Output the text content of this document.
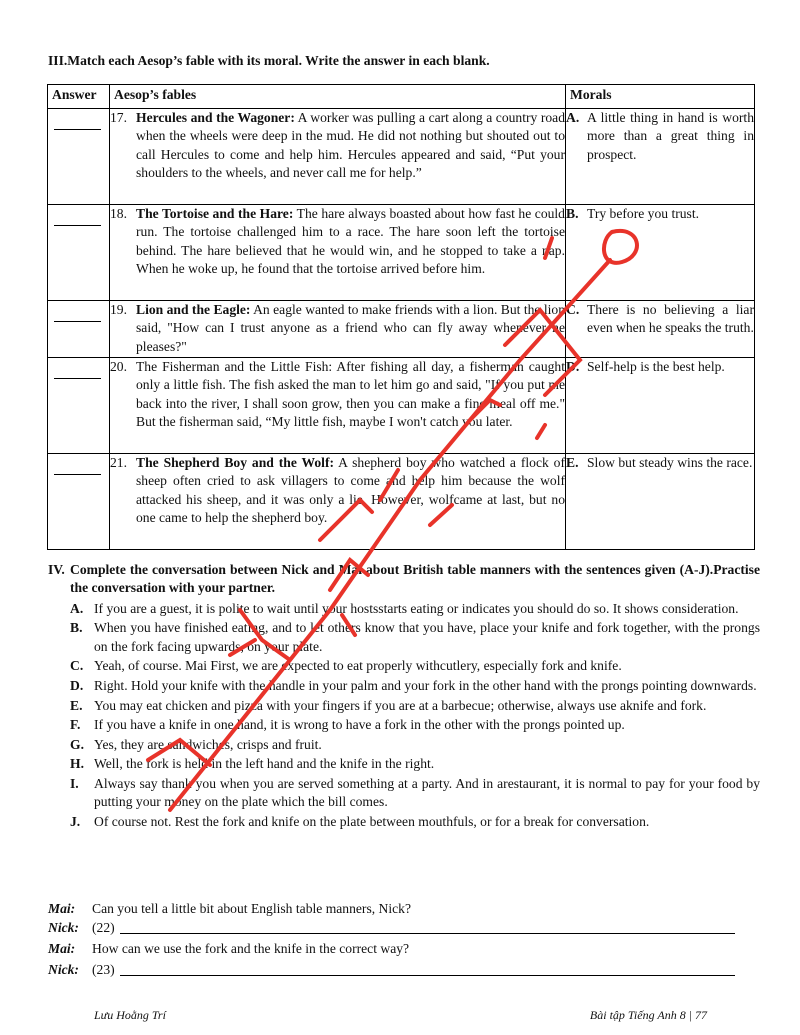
III.Match each Aesop’s fable with its moral. Write the answer in each blank.
Answer	Aesop’s fables	Morals

	17. Hercules and the Wagoner: A worker was pulling a cart along a country road when the wheels were deep in the mud. He did not nothing but shouted out to call Hercules to come and help him. Hercules appeared and said, “Put your shoulders to the wheels, and never call me for help.”	A. A little thing in hand is worth more than a great thing in prospect.

	18. The Tortoise and the Hare: The hare always boasted about how fast he could run. The tortoise challenged him to a race. The hare soon left the tortoise behind. The hare believed that he would win, and he stopped to take a nap. When he woke up, he found that the tortoise arrived before him.	B. Try before you trust.

	19. Lion and the Eagle: An eagle wanted to make friends with a lion. But the lion said, "How can I trust anyone as a friend who can fly away whenever he pleases?"	C. There is no believing a liar even when he speaks the truth.

	20. The Fisherman and the Little Fish: After fishing all day, a fisherman caught only a little fish. The fish asked the man to let him go and said, "If you put me back into the river, I shall soon grow, then you can make a fine meal off me." But the fisherman said, “My little fish, maybe I won't catch you later.	D. Self-help is the best help.

	21. The Shepherd Boy and the Wolf: A shepherd boy who watched a flock of sheep often cried to ask villagers to come and help him because the wolf attacked his sheep, and it was only a lie. However, wolfcame at last, but no one came to help the shepherd boy.	E. Slow but steady wins the race.
IV. Complete the conversation between Nick and Mai about British table manners with the sentences given (A-J).Practise the conversation with your partner.
A. If you are a guest, it is polite to wait until your hostsstarts eating or indicates you should do so. It shows consideration.
B. When you have finished eating, and to let others know that you have, place your knife and fork together, with the prongs on the fork facing upwards, on your plate.
C. Yeah, of course. Mai First, we are expected to eat properly withcutlery, especially fork and knife.
D. Right. Hold your knife with the handle in your palm and your fork in the other hand with the prongs pointing downwards.
E. You may eat chicken and pizza with your fingers if you are at a barbecue; otherwise, always use aknife and fork.
F. If you have a knife in one hand, it is wrong to have a fork in the other with the prongs pointed up.
G. Yes, they are sandwiches, crisps and fruit.
H. Well, the fork is held in the left hand and the knife in the right.
I.	Always say thank you when you are served something at a party. And in arestaurant, it is normal to pay for your food by putting your money on the plate which the bill comes.
J.	Of course not. Rest the fork and knife on the plate between mouthfuls, or for a break for conversation.
Mai:	Can you tell a little bit about English table manners, Nick?
Nick: (22)
Mai:	How can we use the fork and the knife in the correct way?
Nick: (23)
Lưu Hoằng Trí	Bài tập Tiếng Anh 8 | 77
